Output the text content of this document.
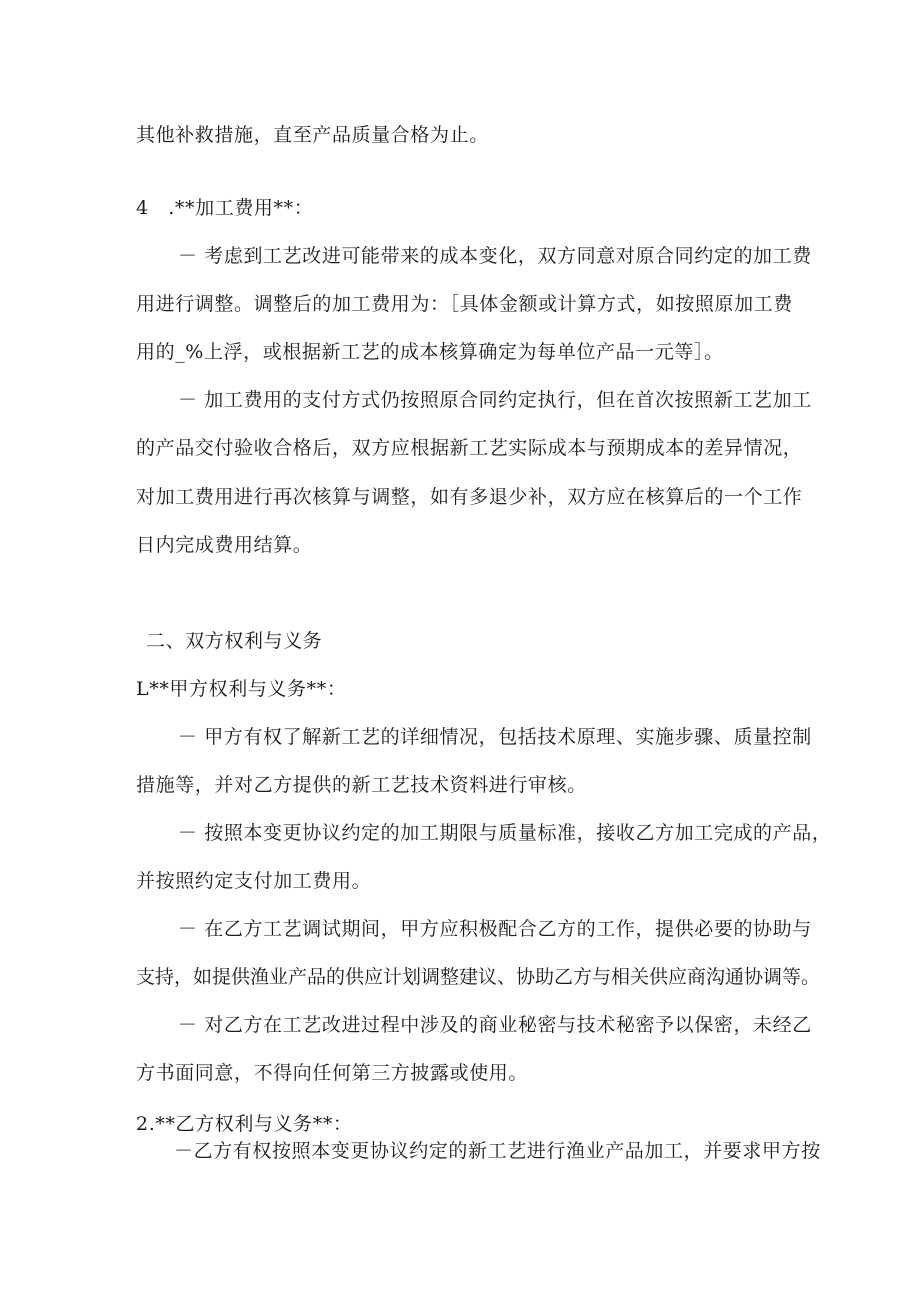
其他补救措施，直至产品质量合格为止。
4　.**加工费用**：
－ 考虑到工艺改进可能带来的成本变化，双方同意对原合同约定的加工费
用进行调整。调整后的加工费用为：［具体金额或计算方式，如按照原加工费
用的_%上浮，或根据新工艺的成本核算确定为每单位产品一元等］。
－ 加工费用的支付方式仍按照原合同约定执行，但在首次按照新工艺加工
的产品交付验收合格后，双方应根据新工艺实际成本与预期成本的差异情况，
对加工费用进行再次核算与调整，如有多退少补，双方应在核算后的一个工作
日内完成费用结算。
二、双方权利与义务
L**甲方权利与义务**：
－ 甲方有权了解新工艺的详细情况，包括技术原理、实施步骤、质量控制
措施等，并对乙方提供的新工艺技术资料进行审核。
－ 按照本变更协议约定的加工期限与质量标准，接收乙方加工完成的产品，
并按照约定支付加工费用。
－ 在乙方工艺调试期间，甲方应积极配合乙方的工作，提供必要的协助与
支持，如提供渔业产品的供应计划调整建议、协助乙方与相关供应商沟通协调等。
－ 对乙方在工艺改进过程中涉及的商业秘密与技术秘密予以保密，未经乙
方书面同意，不得向任何第三方披露或使用。
2.**乙方权利与义务**：
－乙方有权按照本变更协议约定的新工艺进行渔业产品加工，并要求甲方按
